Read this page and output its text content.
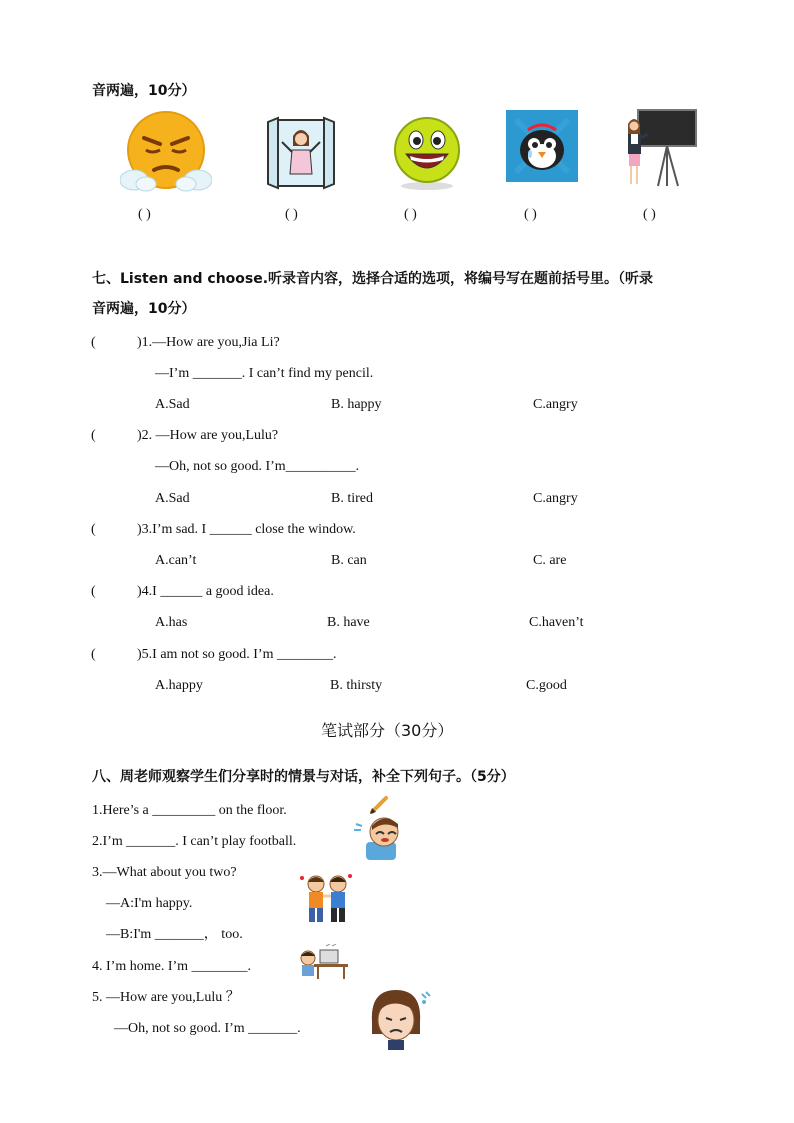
音两遍，10分）
( )	( )	( )	( )	( )
七、Listen and choose.听录音内容，选择合适的选项，将编号写在题前括号里。（听录
音两遍，10分）
(	)1.—How are you,Jia Li?
—I’m _______. I can’t find my pencil.
A.Sad	B. happy	C.angry
(	)2. —How are you,Lulu?
—Oh, not so good. I’m__________.
A.Sad	B. tired	C.angry
(	)3.I’m sad. I ______ close the window.
A.can’t	B. can	C. are
(	)4.I ______ a good idea.
A.has	B. have	C.haven’t
(	)5.I am not so good. I’m ________.
A.happy	B. thirsty	C.good
笔试部分（30分）
八、周老师观察学生们分享时的情景与对话，补全下列句子。（5分）
1.Here’s a _________ on the floor.
2.I’m _______. I can’t play football.
3.—What about you two?
—A:I'm happy.
—B:I'm _______， too.
4. I’m home. I’m ________.
5. —How are you,Lulu ？
—Oh, not so good. I’m _______.
